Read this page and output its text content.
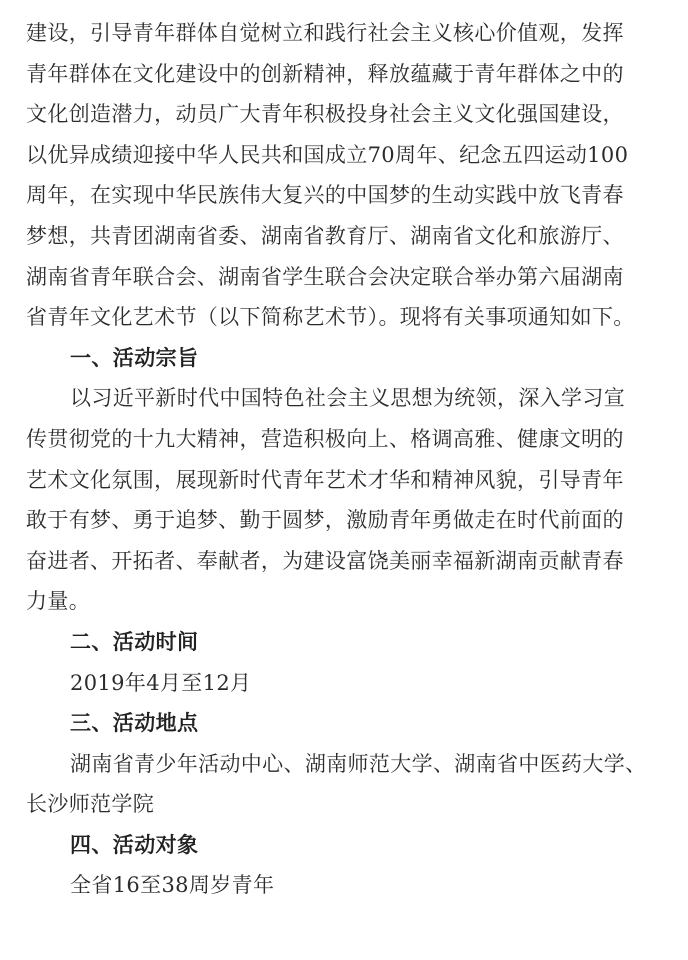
建设，引导青年群体自觉树立和践行社会主义核心价值观，发挥
青年群体在文化建设中的创新精神，释放蕴藏于青年群体之中的
文化创造潜力，动员广大青年积极投身社会主义文化强国建设，
以优异成绩迎接中华人民共和国成立70周年、纪念五四运动100
周年，在实现中华民族伟大复兴的中国梦的生动实践中放飞青春
梦想，共青团湖南省委、湖南省教育厅、湖南省文化和旅游厅、
湖南省青年联合会、湖南省学生联合会决定联合举办第六届湖南
省青年文化艺术节（以下简称艺术节）。现将有关事项通知如下。
一、活动宗旨
以习近平新时代中国特色社会主义思想为统领，深入学习宣
传贯彻党的十九大精神，营造积极向上、格调高雅、健康文明的
艺术文化氛围，展现新时代青年艺术才华和精神风貌，引导青年
敢于有梦、勇于追梦、勤于圆梦，激励青年勇做走在时代前面的
奋进者、开拓者、奉献者，为建设富饶美丽幸福新湖南贡献青春
力量。
二、活动时间
2019年4月至12月
三、活动地点
湖南省青少年活动中心、湖南师范大学、湖南省中医药大学、
长沙师范学院
四、活动对象
全省16至38周岁青年
